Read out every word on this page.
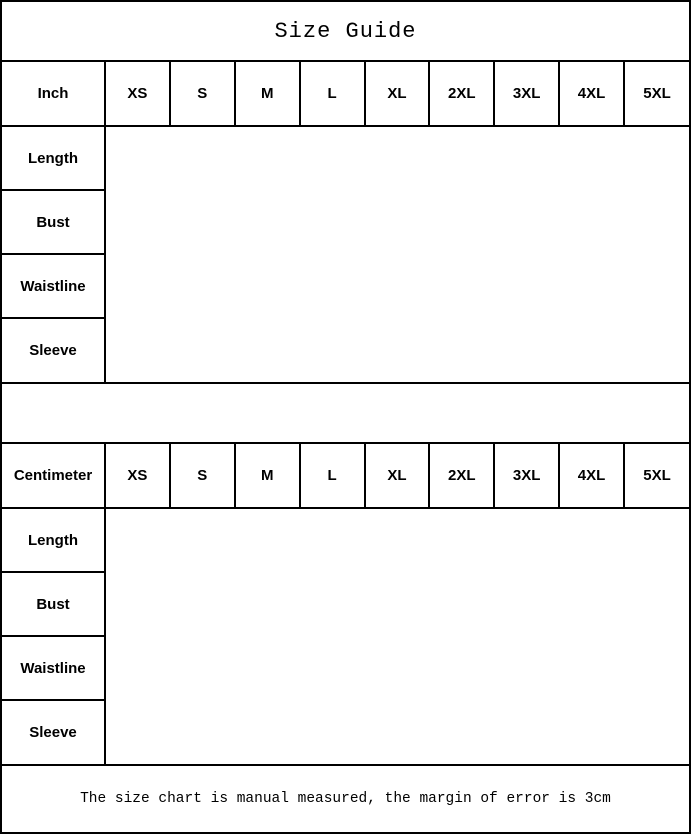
Size Guide
Inch	XS	S	M	L	XL	2XL	3XL	4XL	5XL
Length
Bust
Waistline
Sleeve
Centimeter	XS	S	M	L	XL	2XL	3XL	4XL	5XL
Length
Bust
Waistline
Sleeve
The size chart is manual measured, the margin of error is 3cm
